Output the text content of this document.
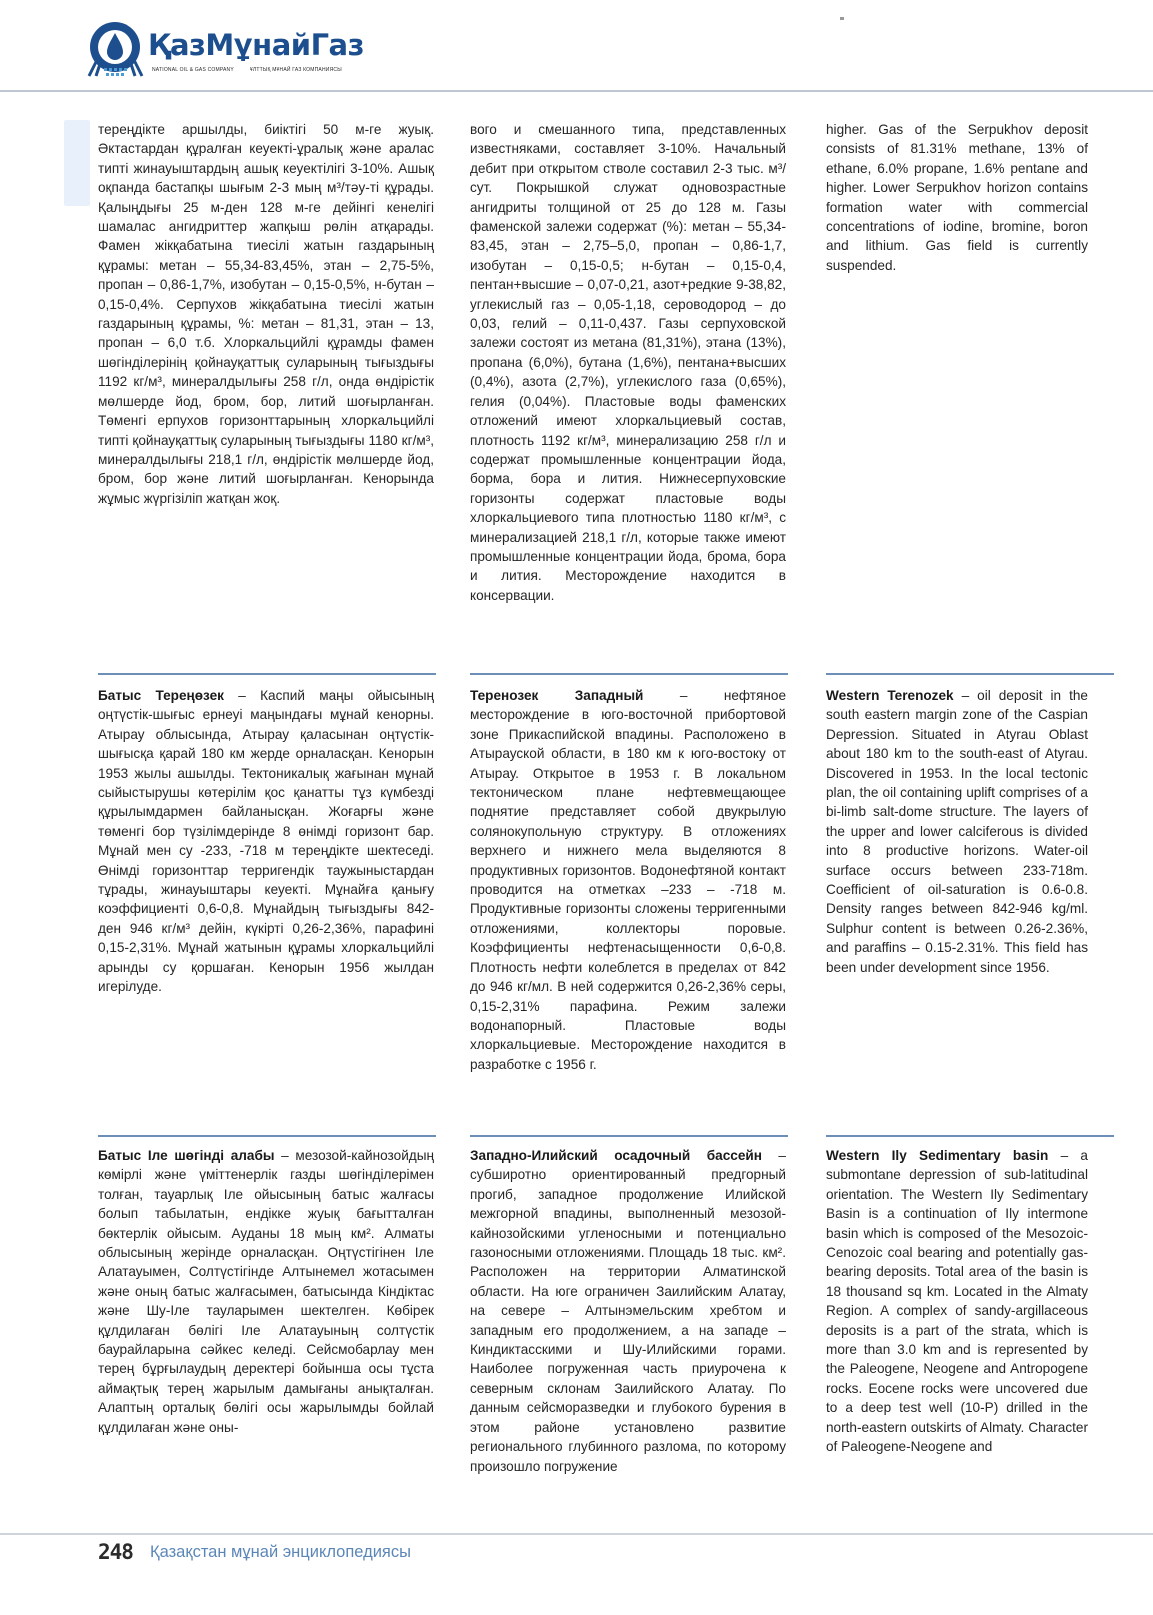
ҚазМұнайГаз
NATIONAL OIL & GAS COMPANY	ҰЛТТЫҚ МҰНАЙ ГАЗ КОМПАНИЯСЫ

тереңдікте аршылды, биіктігі 50 м-ге жуық. Әктастардан құралған кеуекті-ұралық және аралас типті жинауыштардың ашық кеуектілігі 3-10%. Ашық оқпанда бастапқы шығым 2-3 мың м³/тәу-ті құрады. Қалыңдығы 25 м-ден 128 м-ге дейінгі кенелігі шамалас ангидриттер жапқыш рөлін атқарады. Фамен жікқабатына тиесілі жатын газдарының құрамы: метан – 55,34-83,45%, этан – 2,75-5%, пропан – 0,86-1,7%, изобутан – 0,15-0,5%, н-бутан – 0,15-0,4%. Серпухов жікқабатына тиесілі жатын газдарының құрамы, %: метан – 81,31, этан – 13, пропан – 6,0 т.б. Хлоркальцийлі құрамды фамен шөгінділерінің қойнауқаттық суларының тығыздығы 1192 кг/м³, минералдылығы 258 г/л, онда өндірістік мөлшерде йод, бром, бор, литий шоғырланған. Төменгі ерпухов горизонттарының хлоркальцийлі типті қойнауқаттық суларының тығыздығы 1180 кг/м³, минералдылығы 218,1 г/л, өндірістік мөлшерде йод, бром, бор және литий шоғырланған. Кенорында жұмыс жүргізіліп жатқан жоқ.

вого и смешанного типа, представленных известняками, составляет 3-10%. Начальный дебит при открытом стволе составил 2-3 тыс. м³/сут. Покрышкой служат одновозрастные ангидриты толщиной от 25 до 128 м. Газы фаменской залежи содержат (%): метан – 55,34-83,45, этан – 2,75–5,0, пропан – 0,86-1,7, изобутан – 0,15-0,5; н-бутан – 0,15-0,4, пентан+высшие – 0,07-0,21, азот+редкие 9-38,82, углекислый газ – 0,05-1,18, сероводород – до 0,03, гелий – 0,11-0,437. Газы серпуховской залежи состоят из метана (81,31%), этана (13%), пропана (6,0%), бутана (1,6%), пентана+высших (0,4%), азота (2,7%), углекислого газа (0,65%), гелия (0,04%). Пластовые воды фаменских отложений имеют хлоркальциевый состав, плотность 1192 кг/м³, минерализацию 258 г/л и содержат промышленные концентрации йода, борма, бора и лития. Нижнесерпуховские горизонты содержат пластовые воды хлоркальциевого типа плотностью 1180 кг/м³, с минерализацией 218,1 г/л, которые также имеют промышленные концентрации йода, брома, бора и лития. Месторождение находится в консервации.

higher. Gas of the Serpukhov deposit consists of 81.31% methane, 13% of ethane, 6.0% propane, 1.6% pentane and higher. Lower Serpukhov horizon contains formation water with commercial concentrations of iodine, bromine, boron and lithium. Gas field is currently suspended.

Батыс Тереңөзек – Каспий маңы ойысының оңтүстік-шығыс ернеуі маңындағы мұнай кенорны. Атырау облысында, Атырау қаласынан оңтүстік-шығысқа қарай 180 км жерде орналасқан. Кенорын 1953 жылы ашылды. Тектоникалық жағынан мұнай сыйыстырушы көтерілім қос қанатты тұз күмбезді құрылымдармен байланысқан. Жоғарғы және төменгі бор түзілімдерінде 8 өнімді горизонт бар. Мұнай мен су -233, -718 м тереңдікте шектеседі. Өнімді горизонттар терригендік таужыныстардан тұрады, жинауыштары кеуекті. Мұнайға қанығу коэффициенті 0,6-0,8. Мұнайдың тығыздығы 842-ден 946 кг/м³ дейін, күкірті 0,26-2,36%, парафині 0,15-2,31%. Мұнай жатынын құрамы хлоркальцийлі арынды су қоршаған. Кенорын 1956 жылдан игерілуде.

Теренозек Западный – нефтяное месторождение в юго-восточной прибортовой зоне Прикаспийской впадины. Расположено в Атырауской области, в 180 км к юго-востоку от Атырау. Открытое в 1953 г. В локальном тектоническом плане нефтевмещающее поднятие представляет собой двукрылую солянокупольную структуру. В отложениях верхнего и нижнего мела выделяются 8 продуктивных горизонтов. Водонефтяной контакт проводится на отметках –233 – -718 м. Продуктивные горизонты сложены терригенными отложениями, коллекторы поровые. Коэффициенты нефтенасыщенности 0,6-0,8. Плотность нефти колеблется в пределах от 842 до 946 кг/мл. В ней содержится 0,26-2,36% серы, 0,15-2,31% парафина. Режим залежи водонапорный. Пластовые воды хлоркальциевые. Месторождение находится в разработке с 1956 г.

Western Terenozek – oil deposit in the south eastern margin zone of the Caspian Depression. Situated in Atyrau Oblast about 180 km to the south-east of Atyrau. Discovered in 1953. In the local tectonic plan, the oil containing uplift comprises of a bi-limb salt-dome structure. The layers of the upper and lower calciferous is divided into 8 productive horizons. Water-oil surface occurs between 233-718m. Coefficient of oil-saturation is 0.6-0.8. Density ranges between 842-946 kg/ml. Sulphur content is between 0.26-2.36%, and paraffins – 0.15-2.31%. This field has been under development since 1956.

Батыс Іле шөгінді алабы – мезозой-кайнозойдың көмірлі және үміттенерлік газды шөгінділерімен толған, тауарлық Іле ойысының батыс жалғасы болып табылатын, ендікке жуық бағытталған бөктерлік ойысым. Ауданы 18 мың км². Алматы облысының жерінде орналасқан. Оңтүстігінен Іле Алатауымен, Солтүстігінде Алтынемел жотасымен және оның батыс жалғасымен, батысында Кіндіктас және Шу-Іле тауларымен шектелген. Көбірек құлдилаған бөлігі Іле Алатауының солтүстік баурайларына сәйкес келеді. Сейсмобарлау мен терең бұрғылаудың деректері бойынша осы тұста аймақтық терең жарылым дамығаны анықталған. Алаптың орталық бөлігі осы жарылымды бойлай құлдилаған және оны-

Западно-Илийский осадочный бассейн – субширотно ориентированный предгорный прогиб, западное продолжение Илийской межгорной впадины, выполненный мезозой-кайнозойскими угленосными и потенциально газоносными отложениями. Площадь 18 тыс. км². Расположен на территории Алматинской области. На юге ограничен Заилийским Алатау, на севере – Алтынэмельским хребтом и западным его продолжением, а на западе – Киндиктасскими и Шу-Илийскими горами. Наиболее погруженная часть приурочена к северным склонам Заилийского Алатау. По данным сейсморазведки и глубокого бурения в этом районе установлено развитие регионального глубинного разлома, по которому произошло погружение

Western Ily Sedimentary basin – a submontane depression of sub-latitudinal orientation. The Western Ily Sedimentary Basin is a continuation of Ily intermone basin which is composed of the Mesozoic-Cenozoic coal bearing and potentially gas-bearing deposits. Total area of the basin is 18 thousand sq km. Located in the Almaty Region. A complex of sandy-argillaceous deposits is a part of the strata, which is more than 3.0 km and is represented by the Paleogene, Neogene and Antropogene rocks. Eocene rocks were uncovered due to a deep test well (10-P) drilled in the north-eastern outskirts of Almaty. Character of Paleogene-Neogene and

248 Қазақстан мұнай энциклопедиясы
